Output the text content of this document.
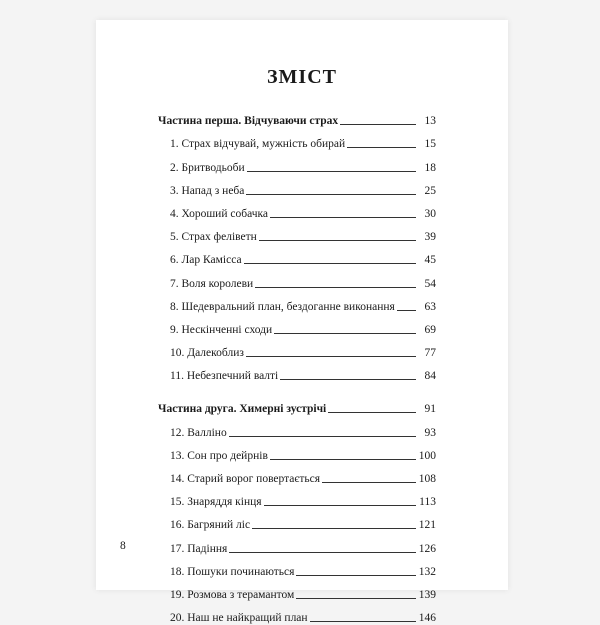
ЗМІСТ
Частина перша. Відчуваючи страх	13
1. Страх відчувай, мужність обирай	15
2. Бритводьоби	18
3. Напад з неба	25
4. Хороший собачка	30
5. Страх феліветн	39
6. Лар Камісса	45
7. Воля королеви	54
8. Шедевральний план, бездоганне виконання	63
9. Нескінченні сходи	69
10. Далекоблиз	77
11. Небезпечний валті	84
Частина друга. Химерні зустрічі	91
12. Валліно	93
13. Сон про дейрнів	100
14. Старий ворог повертається	108
15. Знаряддя кінця	113
16. Багряний ліс	121
17. Падіння	126
18. Пошуки починаються	132
19. Розмова з терамантом	139
20. Наш не найкращий план	146
8
